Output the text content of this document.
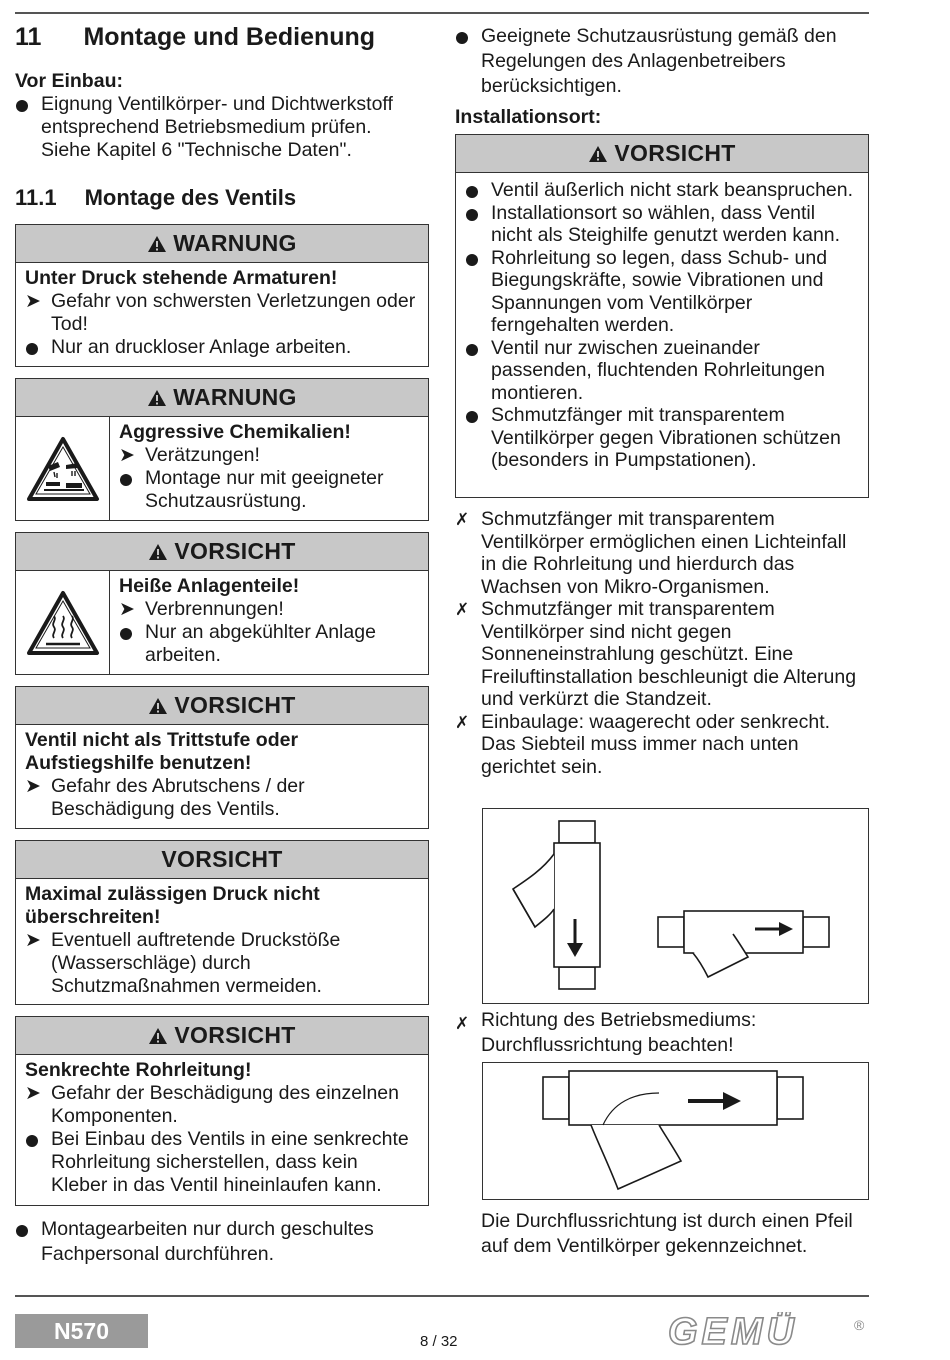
11 Montage und Bedienung
Vor Einbau:
Eignung Ventilkörper- und Dichtwerkstoff entsprechend Betriebsmedium prüfen. Siehe Kapitel 6 "Technische Daten".
11.1 Montage des Ventils
WARNUNG
Unter Druck stehende Armaturen!
➤ Gefahr von schwersten Verletzungen oder Tod!
Nur an druckloser Anlage arbeiten.
WARNUNG
Aggressive Chemikalien!
➤ Verätzungen!
Montage nur mit geeigneter Schutzausrüstung.
VORSICHT
Heiße Anlagenteile!
➤ Verbrennungen!
Nur an abgekühlter Anlage arbeiten.
VORSICHT
Ventil nicht als Trittstufe oder Aufstiegshilfe benutzen!
➤ Gefahr des Abrutschens / der Beschädigung des Ventils.
VORSICHT
Maximal zulässigen Druck nicht überschreiten!
➤ Eventuell auftretende Druckstöße (Wasserschläge) durch Schutzmaßnahmen vermeiden.
VORSICHT
Senkrechte Rohrleitung!
➤ Gefahr der Beschädigung des einzelnen Komponenten.
Bei Einbau des Ventils in eine senkrechte Rohrleitung sicherstellen, dass kein Kleber in das Ventil hineinlaufen kann.
Montagearbeiten nur durch geschultes Fachpersonal durchführen.
Geeignete Schutzausrüstung gemäß den Regelungen des Anlagenbetreibers berücksichtigen.
Installationsort:
VORSICHT
Ventil äußerlich nicht stark beanspruchen.
Installationsort so wählen, dass Ventil nicht als Steighilfe genutzt werden kann.
Rohrleitung so legen, dass Schub- und Biegungskräfte, sowie Vibrationen und Spannungen vom Ventilkörper ferngehalten werden.
Ventil nur zwischen zueinander passenden, fluchtenden Rohrleitungen montieren.
Schmutzfänger mit transparentem Ventilkörper gegen Vibrationen schützen (besonders in Pumpstationen).
✗ Schmutzfänger mit transparentem Ventilkörper ermöglichen einen Lichteinfall in die Rohrleitung und hierdurch das Wachsen von Mikro-Organismen.
✗ Schmutzfänger mit transparentem Ventilkörper sind nicht gegen Sonneneinstrahlung geschützt. Eine Freiluftinstallation beschleunigt die Alterung und verkürzt die Standzeit.
✗ Einbaulage: waagerecht oder senkrecht. Das Siebteil muss immer nach unten gerichtet sein.
✗ Richtung des Betriebsmediums: Durchflussrichtung beachten!
Die Durchflussrichtung ist durch einen Pfeil auf dem Ventilkörper gekennzeichnet.
N570	8 / 32	GEMÜ	®
